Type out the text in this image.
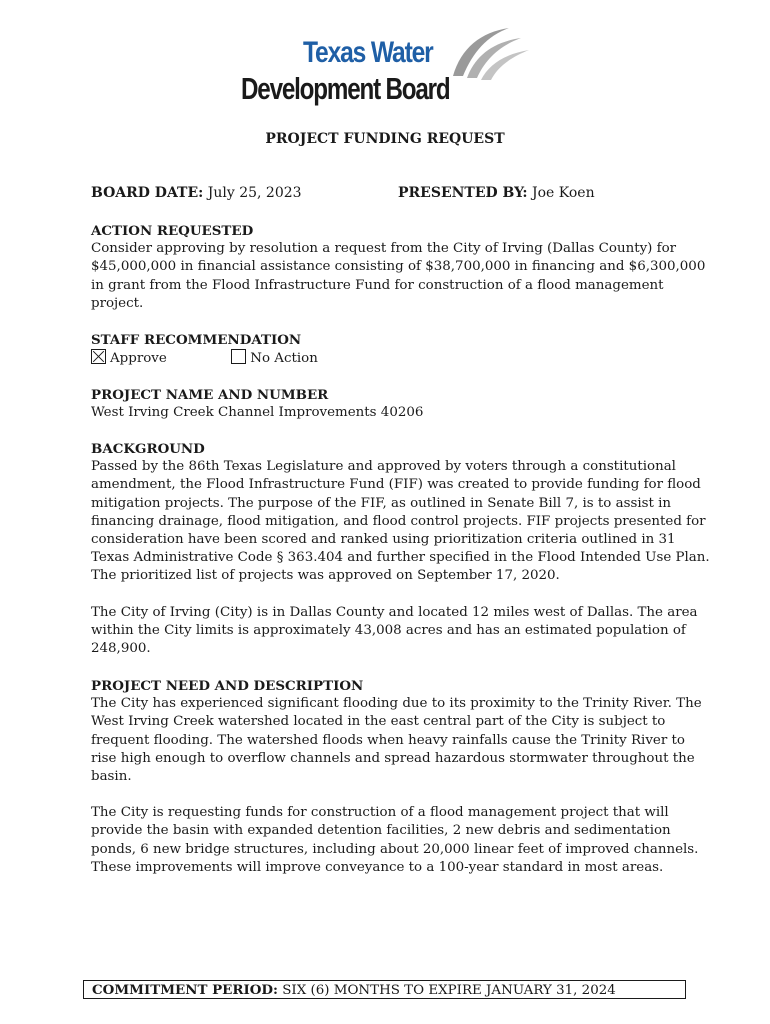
Texas Water
Development Board
PROJECT FUNDING REQUEST
BOARD DATE: July 25, 2023	PRESENTED BY: Joe Koen
ACTION REQUESTED
Consider approving by resolution a request from the City of Irving (Dallas County) for
$45,000,000 in financial assistance consisting of $38,700,000 in financing and $6,300,000
in grant from the Flood Infrastructure Fund for construction of a flood management
project.
STAFF RECOMMENDATION
Approve	No Action
PROJECT NAME AND NUMBER
West Irving Creek Channel Improvements 40206
BACKGROUND
Passed by the 86th Texas Legislature and approved by voters through a constitutional
amendment, the Flood Infrastructure Fund (FIF) was created to provide funding for flood
mitigation projects. The purpose of the FIF, as outlined in Senate Bill 7, is to assist in
financing drainage, flood mitigation, and flood control projects. FIF projects presented for
consideration have been scored and ranked using prioritization criteria outlined in 31
Texas Administrative Code § 363.404 and further specified in the Flood Intended Use Plan.
The prioritized list of projects was approved on September 17, 2020.
The City of Irving (City) is in Dallas County and located 12 miles west of Dallas. The area
within the City limits is approximately 43,008 acres and has an estimated population of
248,900.
PROJECT NEED AND DESCRIPTION
The City has experienced significant flooding due to its proximity to the Trinity River. The
West Irving Creek watershed located in the east central part of the City is subject to
frequent flooding. The watershed floods when heavy rainfalls cause the Trinity River to
rise high enough to overflow channels and spread hazardous stormwater throughout the
basin.
The City is requesting funds for construction of a flood management project that will
provide the basin with expanded detention facilities, 2 new debris and sedimentation
ponds, 6 new bridge structures, including about 20,000 linear feet of improved channels.
These improvements will improve conveyance to a 100-year standard in most areas.
COMMITMENT PERIOD: SIX (6) MONTHS TO EXPIRE JANUARY 31, 2024
